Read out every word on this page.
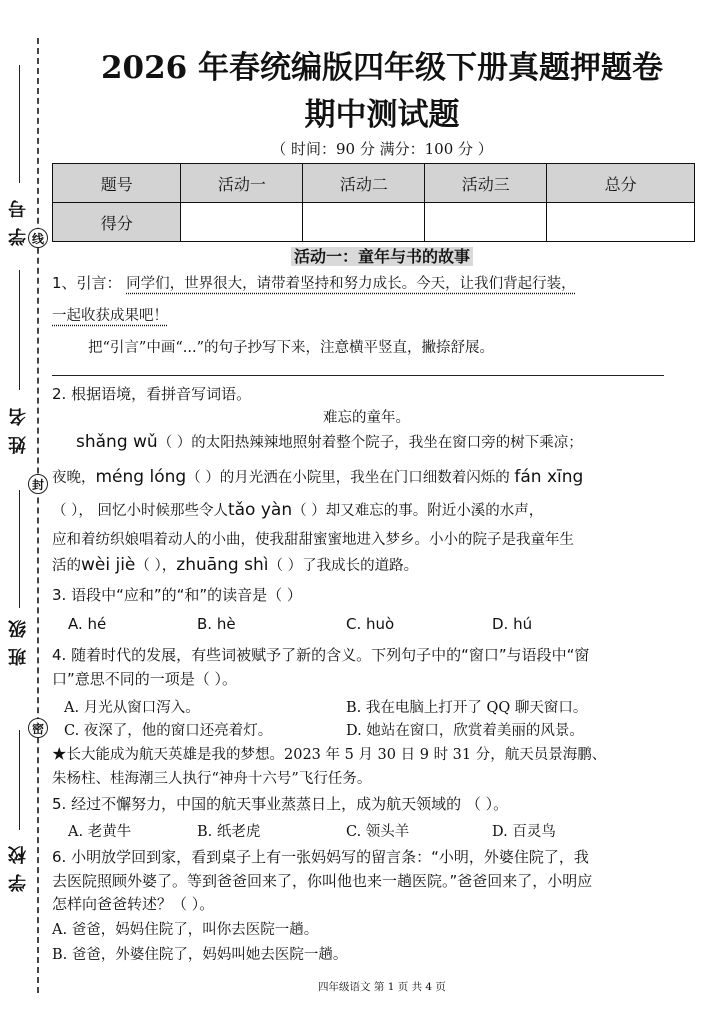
线
封
密
学号
姓名
班级
学校
2026 年春统编版四年级下册真题押题卷
期中测试题
（ 时间：90 分 满分：100 分 ）
题号	活动一	活动二	活动三	总分
得分				
活动一：童年与书的故事
1、引言： 同学们，世界很大，请带着坚持和努力成长。今天，让我们背起行装，
一起收获成果吧！
把“引言”中画“...”的句子抄写下来，注意横平竖直，撇捺舒展。
2. 根据语境，看拼音写词语。
难忘的童年。
shǎng wǔ（ ）的太阳热辣辣地照射着整个院子，我坐在窗口旁的树下乘凉；
夜晚，méng lóng（ ）的月光洒在小院里，我坐在门口细数着闪烁的 fán xīng
（ ）， 回忆小时候那些令人tǎo yàn（ ）却又难忘的事。附近小溪的水声，
应和着纺织娘唱着动人的小曲，使我甜甜蜜蜜地进入梦乡。小小的院子是我童年生
活的wèi jiè（ ），zhuāng shì（ ）了我成长的道路。
3. 语段中“应和”的“和”的读音是（ ）
A. hé	B. hè	C. huò	D. hú
4. 随着时代的发展，有些词被赋予了新的含义。下列句子中的“窗口”与语段中“窗
口”意思不同的一项是（ ）。
A. 月光从窗口泻入。	B. 我在电脑上打开了 QQ 聊天窗口。
C. 夜深了，他的窗口还亮着灯。	D. 她站在窗口，欣赏着美丽的风景。
★长大能成为航天英雄是我的梦想。2023 年 5 月 30 日 9 时 31 分，航天员景海鹏、
朱杨柱、桂海潮三人执行“神舟十六号”飞行任务。
5. 经过不懈努力，中国的航天事业蒸蒸日上，成为航天领域的 （ ）。
A. 老黄牛	B. 纸老虎	C. 领头羊	D. 百灵鸟
6. 小明放学回到家，看到桌子上有一张妈妈写的留言条：“小明，外婆住院了，我
去医院照顾外婆了。等到爸爸回来了，你叫他也来一趟医院。”爸爸回来了，小明应
怎样向爸爸转述？（ ）。
A. 爸爸，妈妈住院了，叫你去医院一趟。
B. 爸爸，外婆住院了，妈妈叫她去医院一趟。
四年级语文 第 1 页 共 4 页
